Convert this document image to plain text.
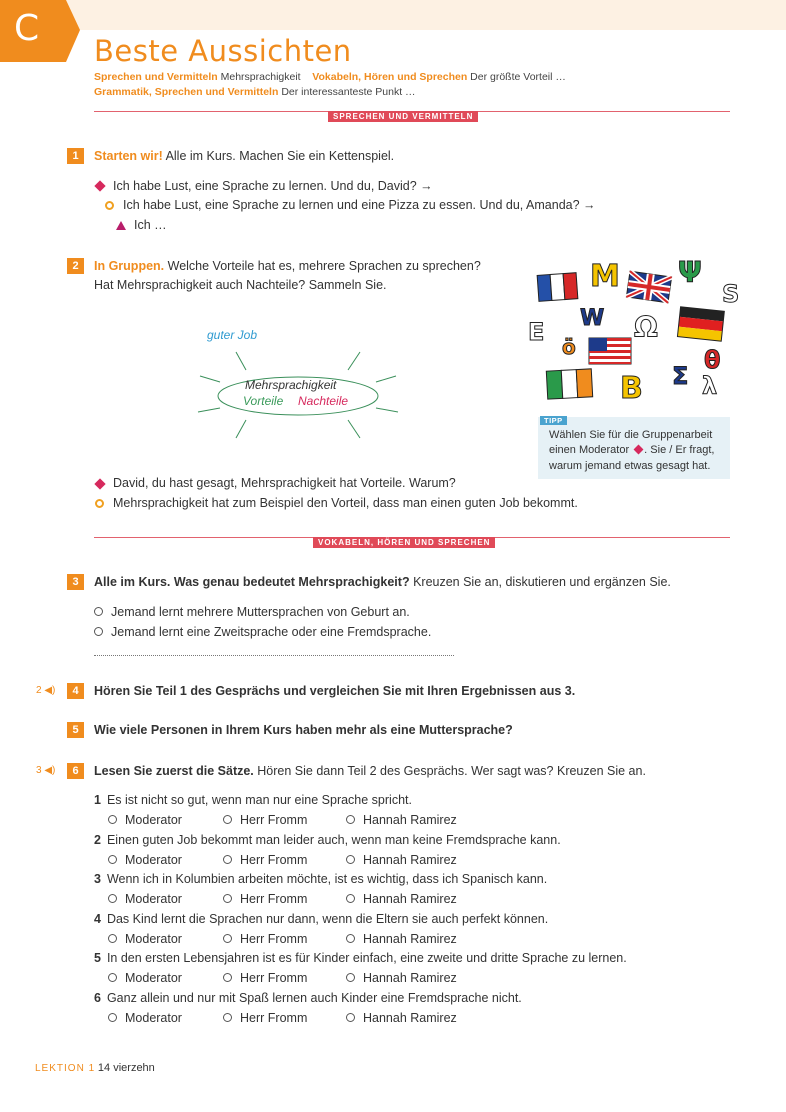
C
Beste Aussichten
Sprechen und Vermitteln Mehrsprachigkeit Vokabeln, Hören und Sprechen Der größte Vorteil …
Grammatik, Sprechen und Vermitteln Der interessanteste Punkt …
SPRECHEN UND VERMITTELN
1	Starten wir! Alle im Kurs. Machen Sie ein Kettenspiel.
Ich habe Lust, eine Sprache zu lernen. Und du, David? →
Ich habe Lust, eine Sprache zu lernen und eine Pizza zu essen. Und du, Amanda? →
Ich …
2	In Gruppen. Welche Vorteile hat es, mehrere Sprachen zu sprechen?
Hat Mehrsprachigkeit auch Nachteile? Sammeln Sie.
guter Job
Mehrsprachigkeit
Vorteile Nachteile
M Ψ
S
E W Ω
ö	θ
Σ λ
B
TIPP
Wählen Sie für die Gruppenarbeit
einen Moderator . Sie / Er fragt,
warum jemand etwas gesagt hat.
David, du hast gesagt, Mehrsprachigkeit hat Vorteile. Warum?
Mehrsprachigkeit hat zum Beispiel den Vorteil, dass man einen guten Job bekommt.
VOKABELN, HÖREN UND SPRECHEN
3	Alle im Kurs. Was genau bedeutet Mehrsprachigkeit? Kreuzen Sie an, diskutieren und ergänzen Sie.
Jemand lernt mehrere Muttersprachen von Geburt an.
Jemand lernt eine Zweitsprache oder eine Fremdsprache.
2 ◀)	4	Hören Sie Teil 1 des Gesprächs und vergleichen Sie mit Ihren Ergebnissen aus 3.
5	Wie viele Personen in Ihrem Kurs haben mehr als eine Muttersprache?
3 ◀)	6	Lesen Sie zuerst die Sätze. Hören Sie dann Teil 2 des Gesprächs. Wer sagt was? Kreuzen Sie an.
1 Es ist nicht so gut, wenn man nur eine Sprache spricht.
Moderator	Herr Fromm	Hannah Ramirez
2 Einen guten Job bekommt man leider auch, wenn man keine Fremdsprache kann.
Moderator	Herr Fromm	Hannah Ramirez
3 Wenn ich in Kolumbien arbeiten möchte, ist es wichtig, dass ich Spanisch kann.
Moderator	Herr Fromm	Hannah Ramirez
4 Das Kind lernt die Sprachen nur dann, wenn die Eltern sie auch perfekt können.
Moderator	Herr Fromm	Hannah Ramirez
5 In den ersten Lebensjahren ist es für Kinder einfach, eine zweite und dritte Sprache zu lernen.
Moderator	Herr Fromm	Hannah Ramirez
6 Ganz allein und nur mit Spaß lernen auch Kinder eine Fremdsprache nicht.
Moderator	Herr Fromm	Hannah Ramirez
LEKTION 1 14 vierzehn
